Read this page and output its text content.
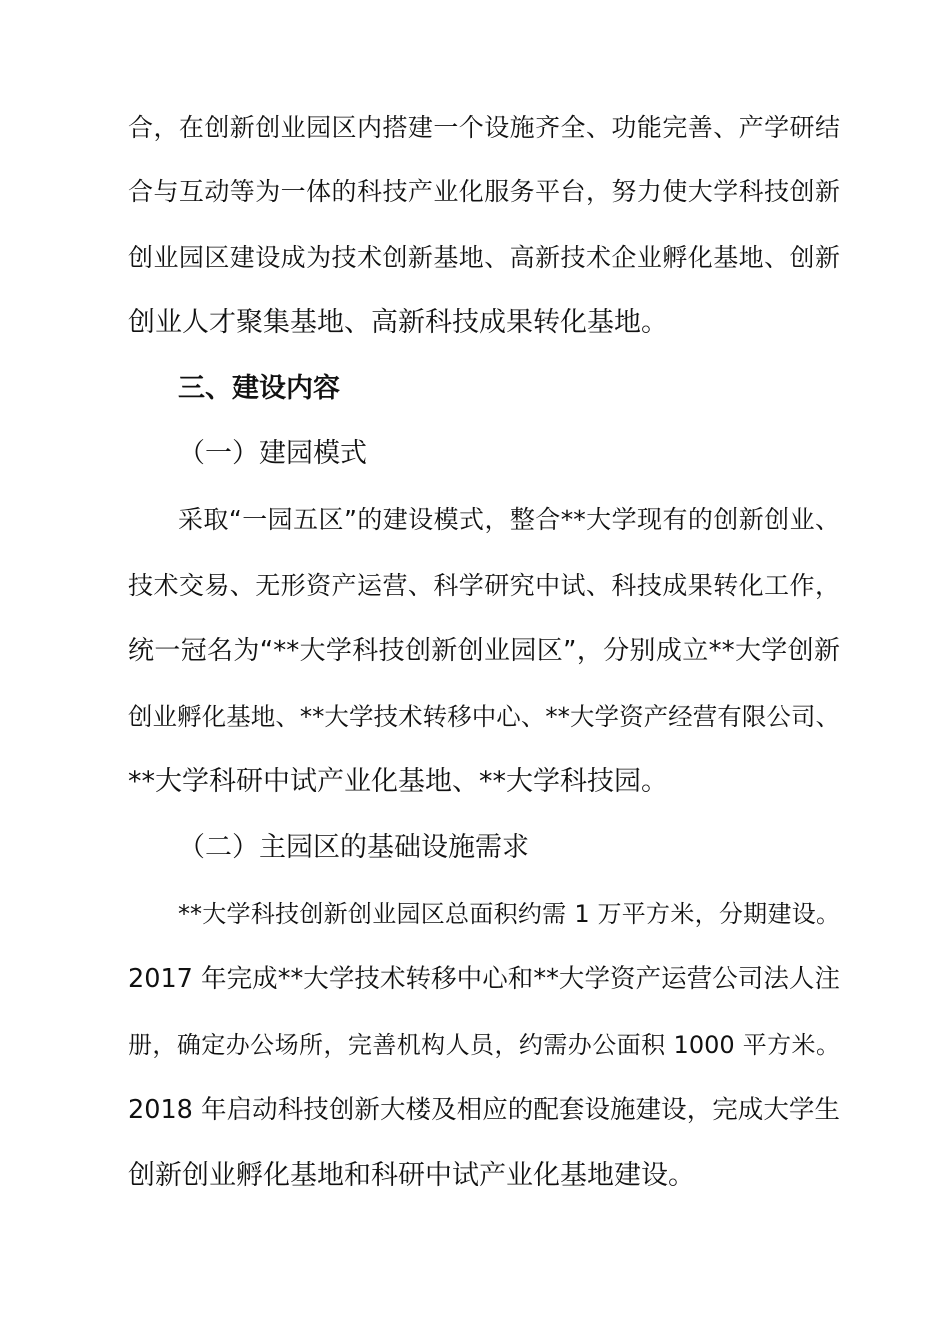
合，在创新创业园区内搭建一个设施齐全、功能完善、产学研结
合与互动等为一体的科技产业化服务平台，努力使大学科技创新
创业园区建设成为技术创新基地、高新技术企业孵化基地、创新
创业人才聚集基地、高新科技成果转化基地。
三、建设内容
（一）建园模式
采取“一园五区”的建设模式，整合**大学现有的创新创业、
技术交易、无形资产运营、科学研究中试、科技成果转化工作，
统一冠名为“**大学科技创新创业园区”，分别成立**大学创新
创业孵化基地、**大学技术转移中心、**大学资产经营有限公司、
**大学科研中试产业化基地、**大学科技园。
（二）主园区的基础设施需求
**大学科技创新创业园区总面积约需 1 万平方米，分期建设。
2017 年完成**大学技术转移中心和**大学资产运营公司法人注
册，确定办公场所，完善机构人员，约需办公面积 1000 平方米。
2018 年启动科技创新大楼及相应的配套设施建设，完成大学生
创新创业孵化基地和科研中试产业化基地建设。
